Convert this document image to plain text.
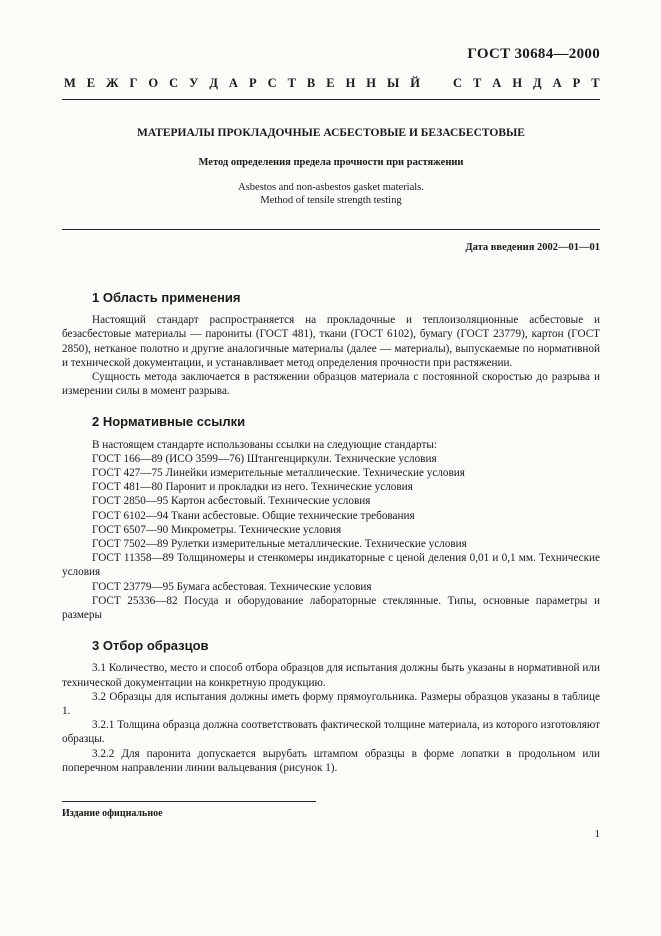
ГОСТ 30684—2000
М Е Ж Г О С У Д А Р С Т В Е Н Н Ы Й	С Т А Н Д А Р Т
МАТЕРИАЛЫ ПРОКЛАДОЧНЫЕ АСБЕСТОВЫЕ И БЕЗАСБЕСТОВЫЕ
Метод определения предела прочности при растяжении
Asbestos and non-asbestos gasket materials.
Method of tensile strength testing
Дата введения 2002—01—01
1 Область применения

Настоящий стандарт распространяется на прокладочные и теплоизоляционные асбестовые и безасбестовые материалы — парониты (ГОСТ 481), ткани (ГОСТ 6102), бумагу (ГОСТ 23779), картон (ГОСТ 2850), нетканое полотно и другие аналогичные материалы (далее — материалы), выпускаемые по нормативной и технической документации, и устанавливает метод определения прочности при растяжении.

Сущность метода заключается в растяжении образцов материала с постоянной скоростью до разрыва и измерении силы в момент разрыва.

2 Нормативные ссылки

В настоящем стандарте использованы ссылки на следующие стандарты:

ГОСТ 166—89 (ИСО 3599—76) Штангенциркули. Технические условия

ГОСТ 427—75 Линейки измерительные металлические. Технические условия

ГОСТ 481—80 Паронит и прокладки из него. Технические условия

ГОСТ 2850—95 Картон асбестовый. Технические условия

ГОСТ 6102—94 Ткани асбестовые. Общие технические требования

ГОСТ 6507—90 Микрометры. Технические условия

ГОСТ 7502—89 Рулетки измерительные металлические. Технические условия

ГОСТ 11358—89 Толщиномеры и стенкомеры индикаторные с ценой деления 0,01 и 0,1 мм. Технические условия

ГОСТ 23779—95 Бумага асбестовая. Технические условия

ГОСТ 25336—82 Посуда и оборудование лабораторные стеклянные. Типы, основные параметры и размеры

3 Отбор образцов

3.1 Количество, место и способ отбора образцов для испытания должны быть указаны в нормативной или технической документации на конкретную продукцию.

3.2 Образцы для испытания должны иметь форму прямоугольника. Размеры образцов указаны в таблице 1.

3.2.1 Толщина образца должна соответствовать фактической толщине материала, из которого изготовляют образцы.

3.2.2 Для паронита допускается вырубать штампом образцы в форме лопатки в продольном или поперечном направлении линии вальцевания (рисунок 1).

Издание официальное
1
